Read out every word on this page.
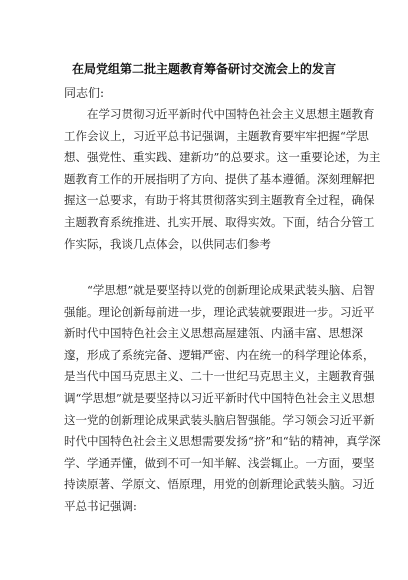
在局党组第二批主题教育筹备研讨交流会上的发言
同志们:

在学习贯彻习近平新时代中国特色社会主义思想主题教育工作会议上，习近平总书记强调，主题教育要牢牢把握“学思想、强党性、重实践、建新功”的总要求。这一重要论述，为主题教育工作的开展指明了方向、提供了基本遵循。深刻理解把握这一总要求，有助于将其贯彻落实到主题教育全过程，确保主题教育系统推进、扎实开展、取得实效。下面，结合分管工作实际，我谈几点体会，以供同志们参考

“学思想”就是要坚持以党的创新理论成果武装头脑、启智强能。理论创新每前进一步，理论武装就要跟进一步。习近平新时代中国特色社会主义思想高屋建瓴、内涵丰富、思想深邃，形成了系统完备、逻辑严密、内在统一的科学理论体系，是当代中国马克思主义、二十一世纪马克思主义，主题教育强调“学思想”就是要坚持以习近平新时代中国特色社会主义思想这一党的创新理论成果武装头脑启智强能。学习领会习近平新时代中国特色社会主义思想需要发扬“挤”和“钻的精神，真学深学、学通弄懂，做到不可一知半解、浅尝辄止。一方面，要坚持读原著、学原文、悟原理，用党的创新理论武装头脑。习近平总书记强调:
